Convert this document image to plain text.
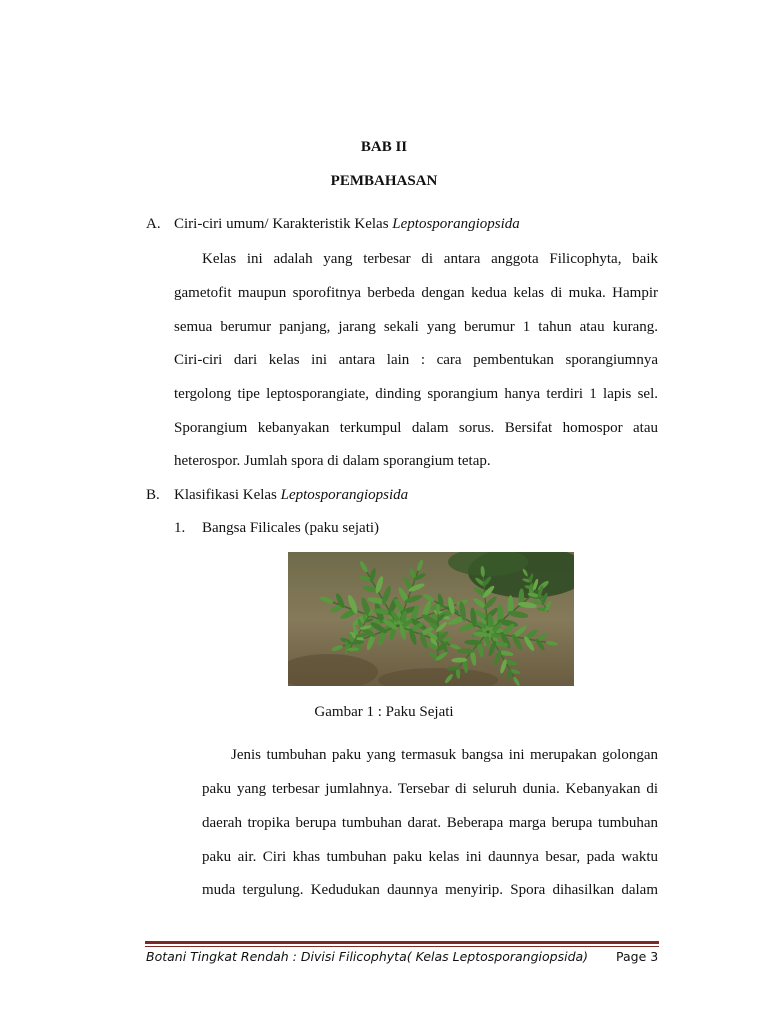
BAB II
PEMBAHASAN
A. Ciri-ciri umum/ Karakteristik Kelas Leptosporangiopsida
Kelas ini adalah yang terbesar di antara anggota Filicophyta, baik
gametofit maupun sporofitnya berbeda dengan kedua kelas di muka. Hampir
semua berumur panjang, jarang sekali yang berumur 1 tahun atau kurang.
Ciri-ciri dari kelas ini antara lain : cara pembentukan sporangiumnya
tergolong tipe leptosporangiate, dinding sporangium hanya terdiri 1 lapis sel.
Sporangium kebanyakan terkumpul dalam sorus. Bersifat homospor atau
heterospor. Jumlah spora di dalam sporangium tetap.
B. Klasifikasi Kelas Leptosporangiopsida
1. Bangsa Filicales (paku sejati)
Gambar 1 : Paku Sejati
Jenis tumbuhan paku yang termasuk bangsa ini merupakan golongan
paku yang terbesar jumlahnya. Tersebar di seluruh dunia. Kebanyakan di
daerah tropika berupa tumbuhan darat. Beberapa marga berupa tumbuhan
paku air. Ciri khas tumbuhan paku kelas ini daunnya besar, pada waktu
muda tergulung. Kedudukan daunnya menyirip. Spora dihasilkan dalam
Botani Tingkat Rendah : Divisi Filicophyta( Kelas Leptosporangiopsida) Page 3
